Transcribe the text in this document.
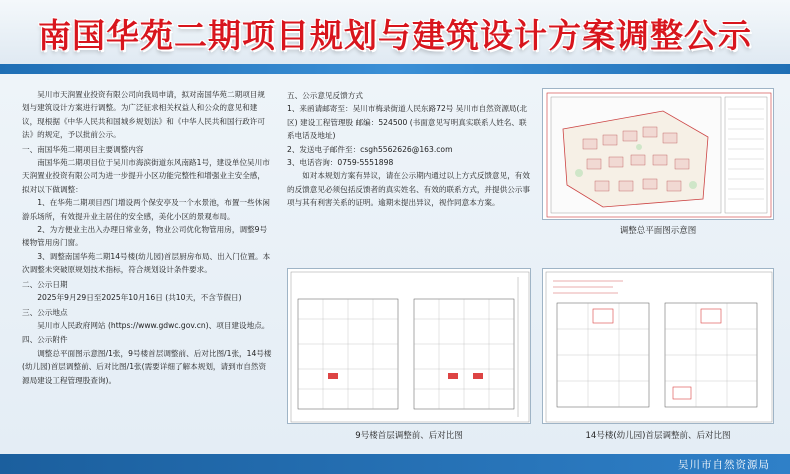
南国华苑二期项目规划与建筑设计方案调整公示

吴川市天润置业投资有限公司向我局申请，拟对南国华苑二期项目规划与建筑设计方案进行调整。为广泛征求相关权益人和公众的意见和建议，现根据《中华人民共和国城乡规划法》和《中华人民共和国行政许可法》的规定，予以批前公示。

一、南国华苑二期项目主要调整内容

南国华苑二期项目位于吴川市海滨街道东风南路1号，建设单位吴川市天润置业投资有限公司为进一步提升小区功能完整性和增强业主安全感，拟对以下做调整：

1、在华苑二期项目西门增设两个保安亭及一个水景池，布置一些休闲游乐场所，有效提升业主居住的安全感，美化小区的景观布局。

2、为方便业主出入办理日常业务，物业公司优化物管用房，调整9号楼物管用房门窗。

3、调整南国华苑二期14号楼(幼儿园)首层厨房布局、出入门位置。本次调整未突破原规划技术指标，符合规划设计条件要求。

二、公示日期

2025年9月29日至2025年10月16日 (共10天，不含节假日)

三、公示地点

吴川市人民政府网站 (https://www.gdwc.gov.cn)、项目建设地点。

四、公示附件

调整总平面图示意图/1张，9号楼首层调整前、后对比图/1张，14号楼(幼儿园)首层调整前、后对比图/1张(需要详细了解本规划，请到市自然资源局建设工程管理股查询)。

五、公示意见反馈方式

1、来函请邮寄至：吴川市梅录街道人民东路72号 吴川市自然资源局(北区) 建设工程管理股 邮编：524500 (书面意见写明真实联系人姓名、联系电话及地址)

2、发送电子邮件至：csgh5562626@163.com

3、电话咨询：0759-5551898

如对本规划方案有异议，请在公示期内通过以上方式反馈意见，有效的反馈意见必须包括反馈者的真实姓名、有效的联系方式，并提供公示事项与其有利害关系的证明。逾期未提出异议，视作同意本方案。

调整总平面图示意图
9号楼首层调整前、后对比图	14号楼(幼儿园)首层调整前、后对比图
吴川市自然资源局
